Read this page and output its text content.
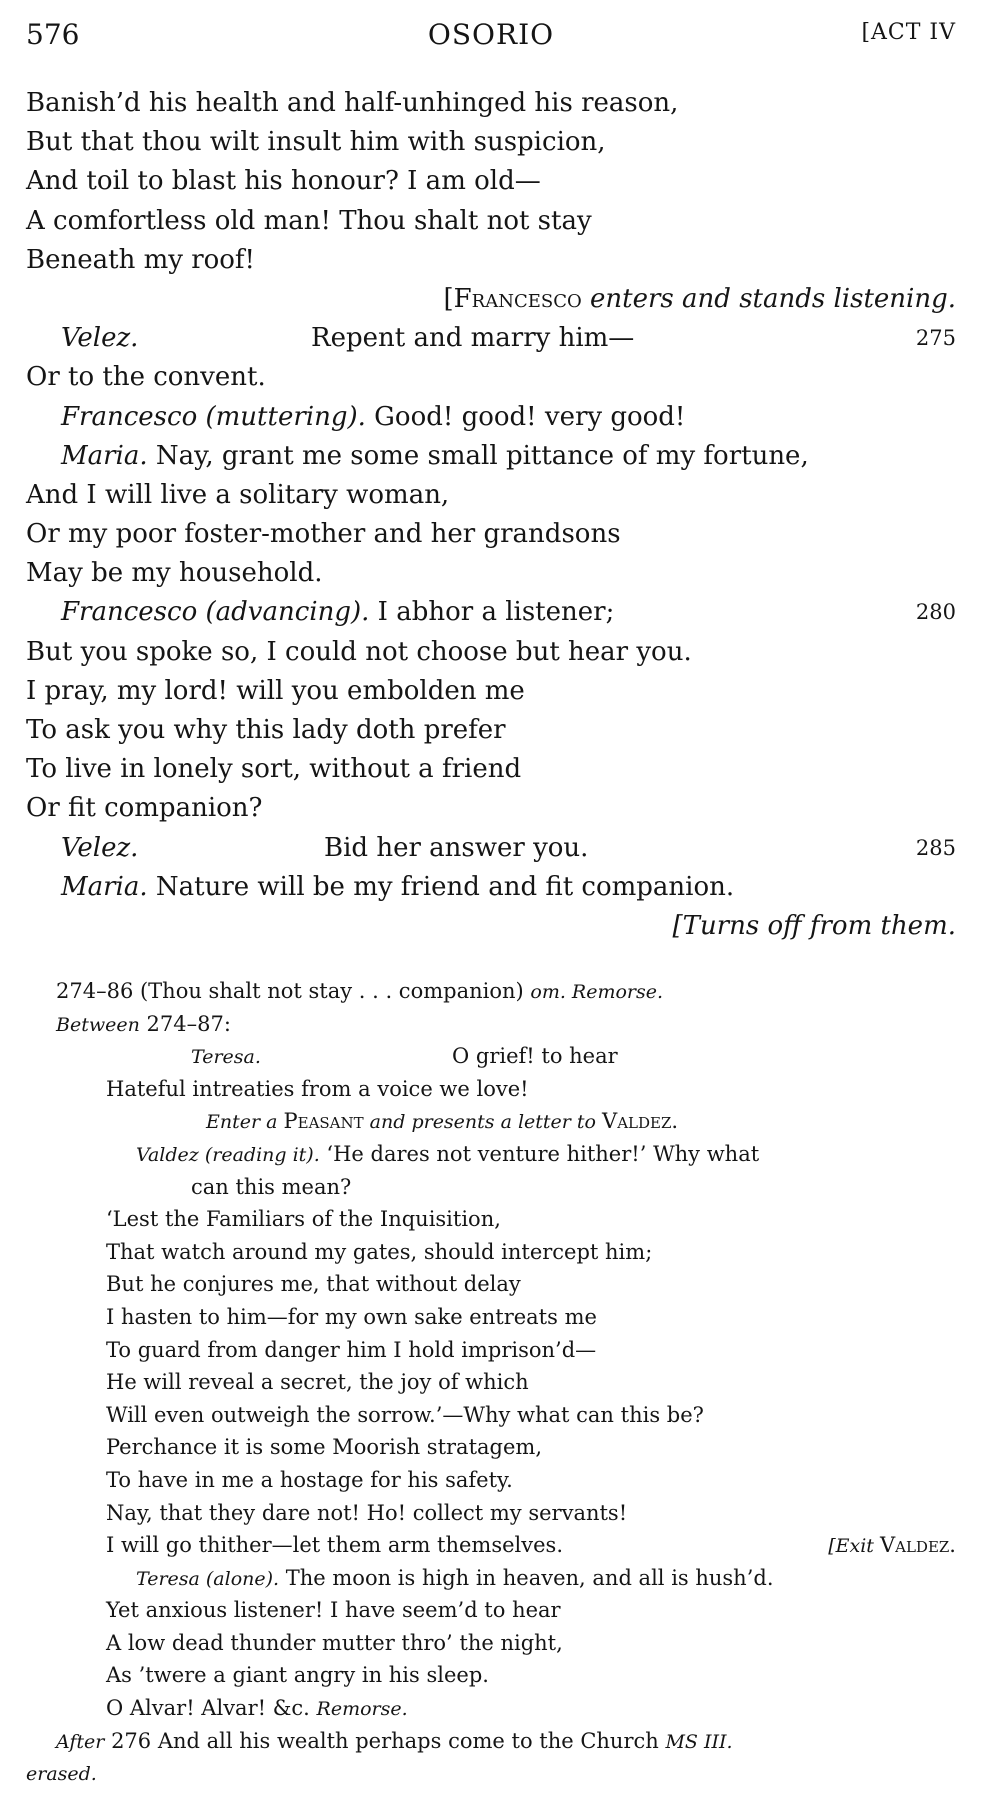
576	OSORIO	[ACT IV
Banish’d his health and half-unhinged his reason,
But that thou wilt insult him with suspicion,
And toil to blast his honour? I am old—
A comfortless old man! Thou shalt not stay
Beneath my roof!
[Francesco enters and stands listening.
Velez.	Repent and marry him—	275
Or to the convent.
Francesco (muttering). Good! good! very good!
Maria. Nay, grant me some small pittance of my fortune,
And I will live a solitary woman,
Or my poor foster-mother and her grandsons
May be my household.
Francesco (advancing). I abhor a listener;	280
But you spoke so, I could not choose but hear you.
I pray, my lord! will you embolden me
To ask you why this lady doth prefer
To live in lonely sort, without a friend
Or fit companion?
Velez.	Bid her answer you.	285
Maria. Nature will be my friend and fit companion.
[Turns off from them.
274–86 (Thou shalt not stay . . . companion) om. Remorse.
Between 274–87:
Teresa.	O grief! to hear
Hateful intreaties from a voice we love!
Enter a Peasant and presents a letter to Valdez.
Valdez (reading it). ‘He dares not venture hither!’ Why what
can this mean?
‘Lest the Familiars of the Inquisition,
That watch around my gates, should intercept him;
But he conjures me, that without delay
I hasten to him—for my own sake entreats me
To guard from danger him I hold imprison’d—
He will reveal a secret, the joy of which
Will even outweigh the sorrow.’—Why what can this be?
Perchance it is some Moorish stratagem,
To have in me a hostage for his safety.
Nay, that they dare not! Ho! collect my servants!
I will go thither—let them arm themselves.	[Exit Valdez.
Teresa (alone). The moon is high in heaven, and all is hush’d.
Yet anxious listener! I have seem’d to hear
A low dead thunder mutter thro’ the night,
As ’twere a giant angry in his sleep.
O Alvar! Alvar! &c. Remorse.
After 276 And all his wealth perhaps come to the Church MS III.
erased.
